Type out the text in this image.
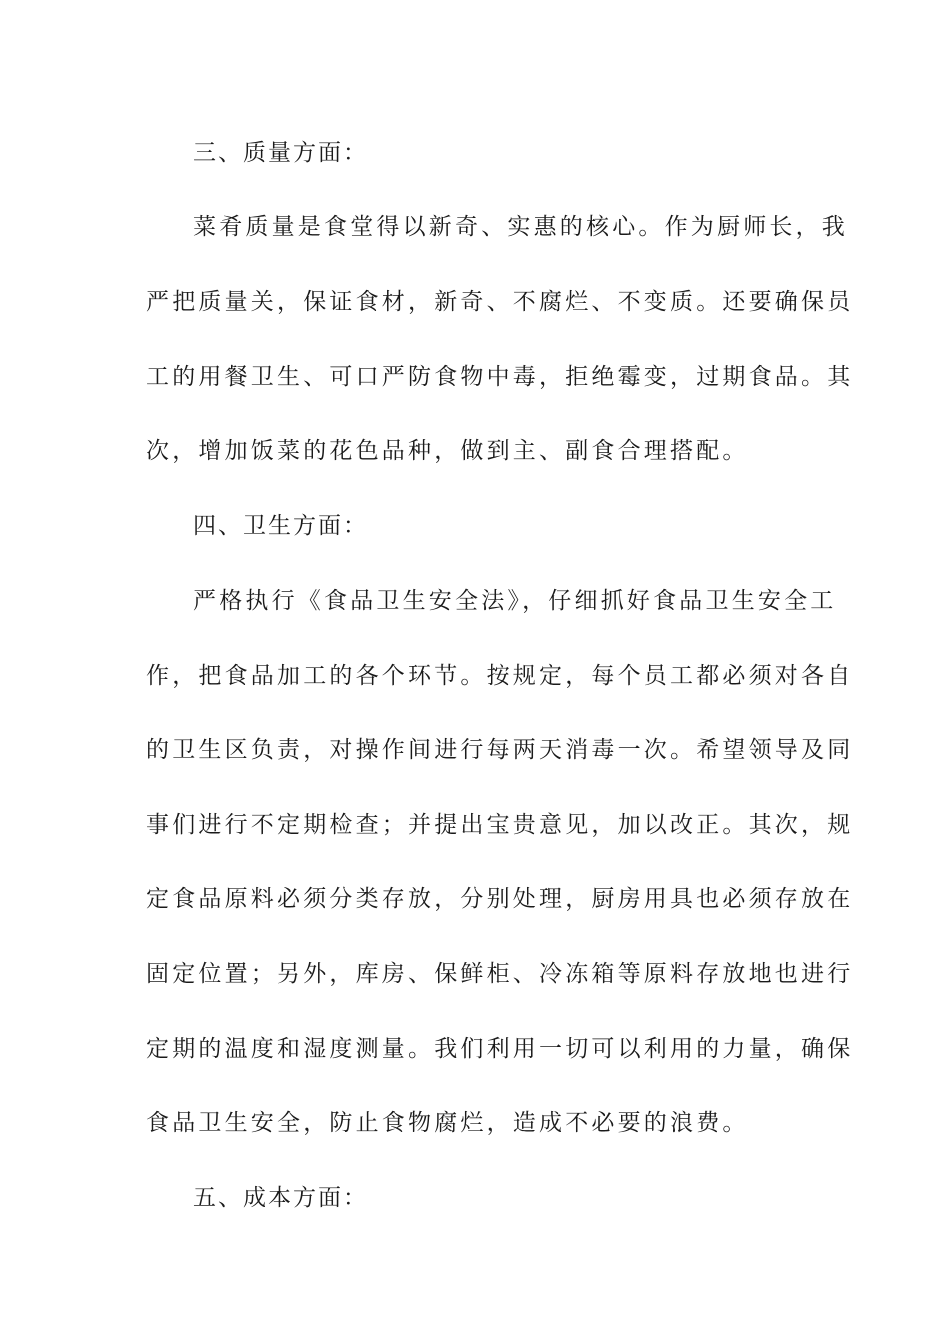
三、质量方面：
菜肴质量是食堂得以新奇、实惠的核心。作为厨师长，我
严把质量关，保证食材，新奇、不腐烂、不变质。还要确保员
工的用餐卫生、可口严防食物中毒，拒绝霉变，过期食品。其
次，增加饭菜的花色品种，做到主、副食合理搭配。
四、卫生方面：
严格执行《食品卫生安全法》，仔细抓好食品卫生安全工
作，把食品加工的各个环节。按规定，每个员工都必须对各自
的卫生区负责，对操作间进行每两天消毒一次。希望领导及同
事们进行不定期检查；并提出宝贵意见，加以改正。其次，规
定食品原料必须分类存放，分别处理，厨房用具也必须存放在
固定位置；另外，库房、保鲜柜、冷冻箱等原料存放地也进行
定期的温度和湿度测量。我们利用一切可以利用的力量，确保
食品卫生安全，防止食物腐烂，造成不必要的浪费。
五、成本方面：
